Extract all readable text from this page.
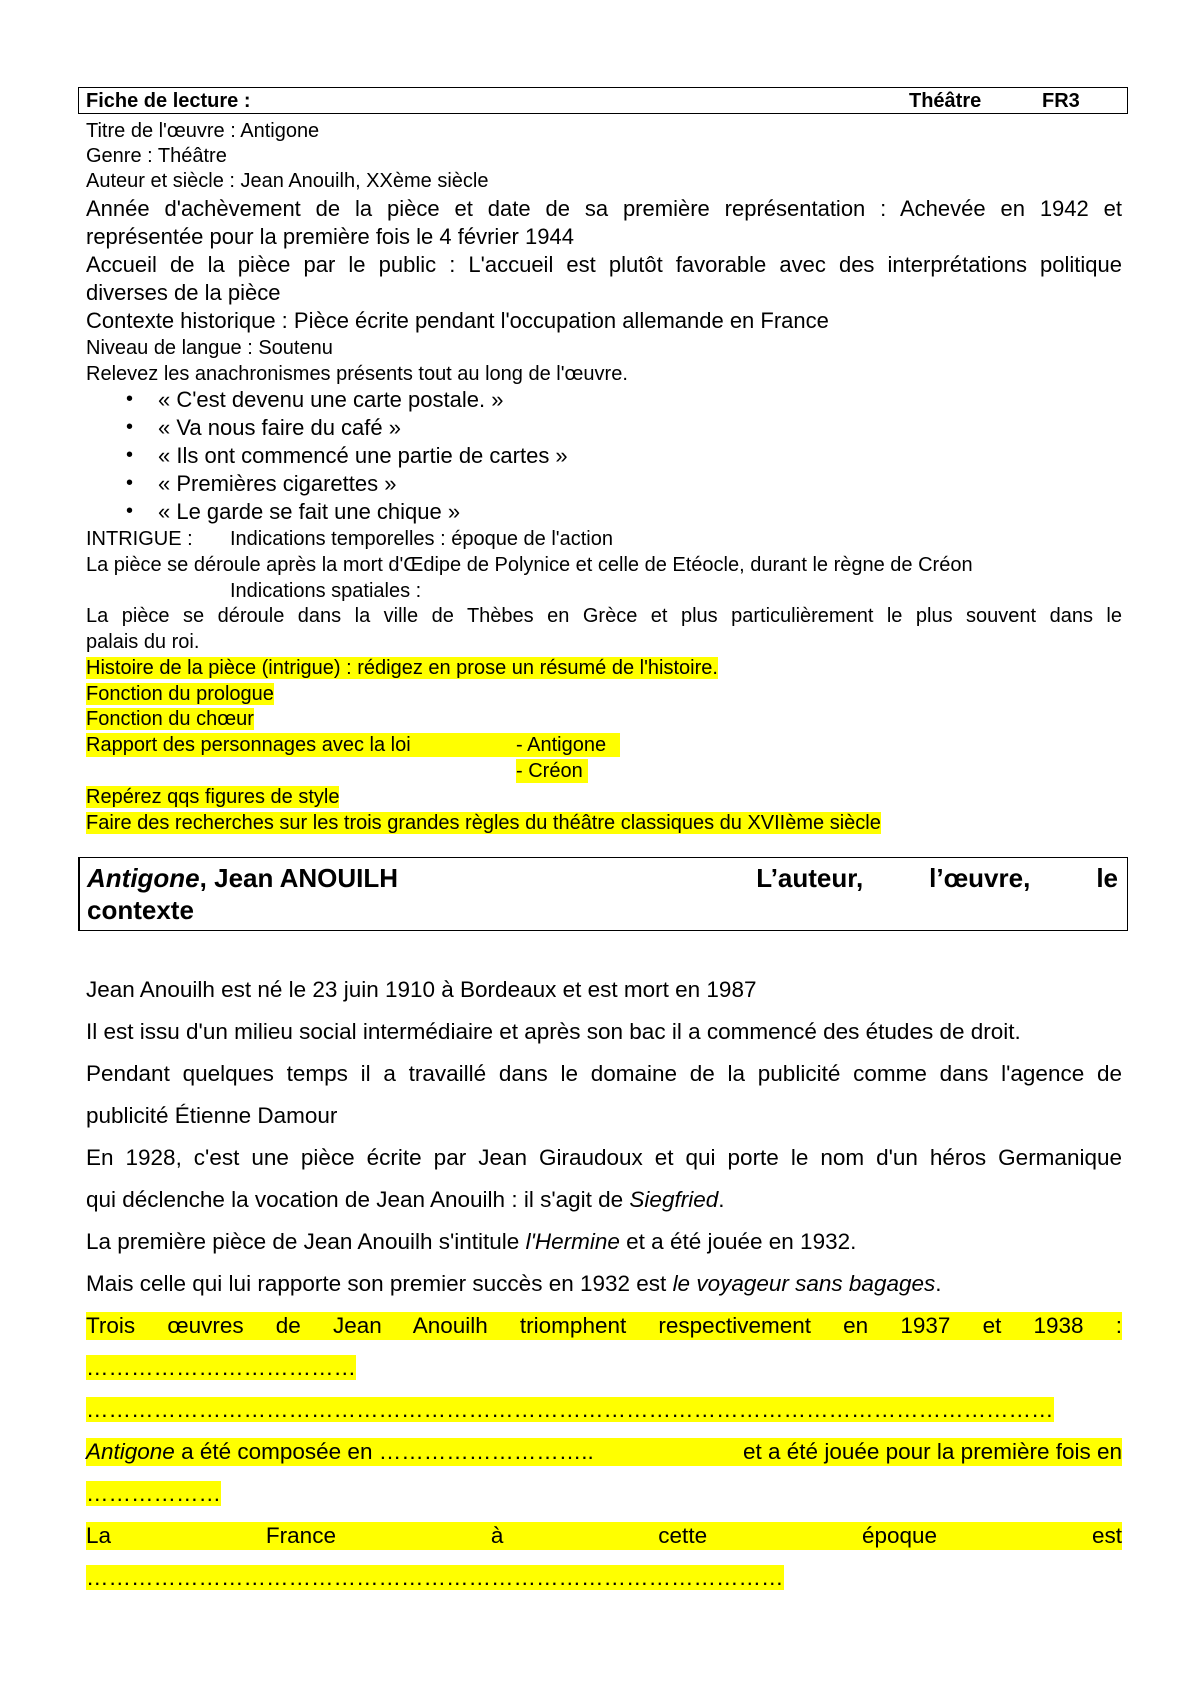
Fiche de lecture :	Théâtre	FR3
Titre de l'œuvre : Antigone
Genre : Théâtre
Auteur et siècle : Jean Anouilh, XXème siècle
Année d'achèvement de la pièce et date de sa première représentation : Achevée en 1942 et
représentée pour la première fois le 4 février 1944
Accueil de la pièce par le public : L'accueil est plutôt favorable avec des interprétations politique
diverses de la pièce
Contexte historique : Pièce écrite pendant l'occupation allemande en France
Niveau de langue : Soutenu
Relevez les anachronismes présents tout au long de l'œuvre.
• « C'est devenu une carte postale. »
• « Va nous faire du café »
• « Ils ont commencé une partie de cartes »
• « Premières cigarettes »
• « Le garde se fait une chique »
INTRIGUE : Indications temporelles : époque de l'action
La pièce se déroule après la mort d'Œdipe de Polynice et celle de Etéocle, durant le règne de Créon
Indications spatiales :
La pièce se déroule dans la ville de Thèbes en Grèce et plus particulièrement le plus souvent dans le
palais du roi.
Histoire de la pièce (intrigue) : rédigez en prose un résumé de l'histoire.
Fonction du prologue
Fonction du chœur
Rapport des personnages avec la loi	- Antigone
- Créon
Repérez qqs figures de style
Faire des recherches sur les trois grandes règles du théâtre classiques du XVIIème siècle
Antigone, Jean ANOUILH	L’auteur,	l’œuvre,	le
contexte
Jean Anouilh est né le 23 juin 1910 à Bordeaux et est mort en 1987
Il est issu d'un milieu social intermédiaire et après son bac il a commencé des études de droit.
Pendant quelques temps il a travaillé dans le domaine de la publicité comme dans l'agence de
publicité Étienne Damour
En 1928, c'est une pièce écrite par Jean Giraudoux et qui porte le nom d'un héros Germanique
qui déclenche la vocation de Jean Anouilh : il s'agit de Siegfried.
La première pièce de Jean Anouilh s'intitule l'Hermine et a été jouée en 1932.
Mais celle qui lui rapporte son premier succès en 1932 est le voyageur sans bagages.
Trois œuvres de Jean Anouilh triomphent respectivement en 1937 et 1938 :
………………………………
…………………………………………………………………………………………………………………
Antigone a été composée en ………………………..	et a été jouée pour la première fois en
………………
La France à cette époque est
…………………………………………………………………………………
